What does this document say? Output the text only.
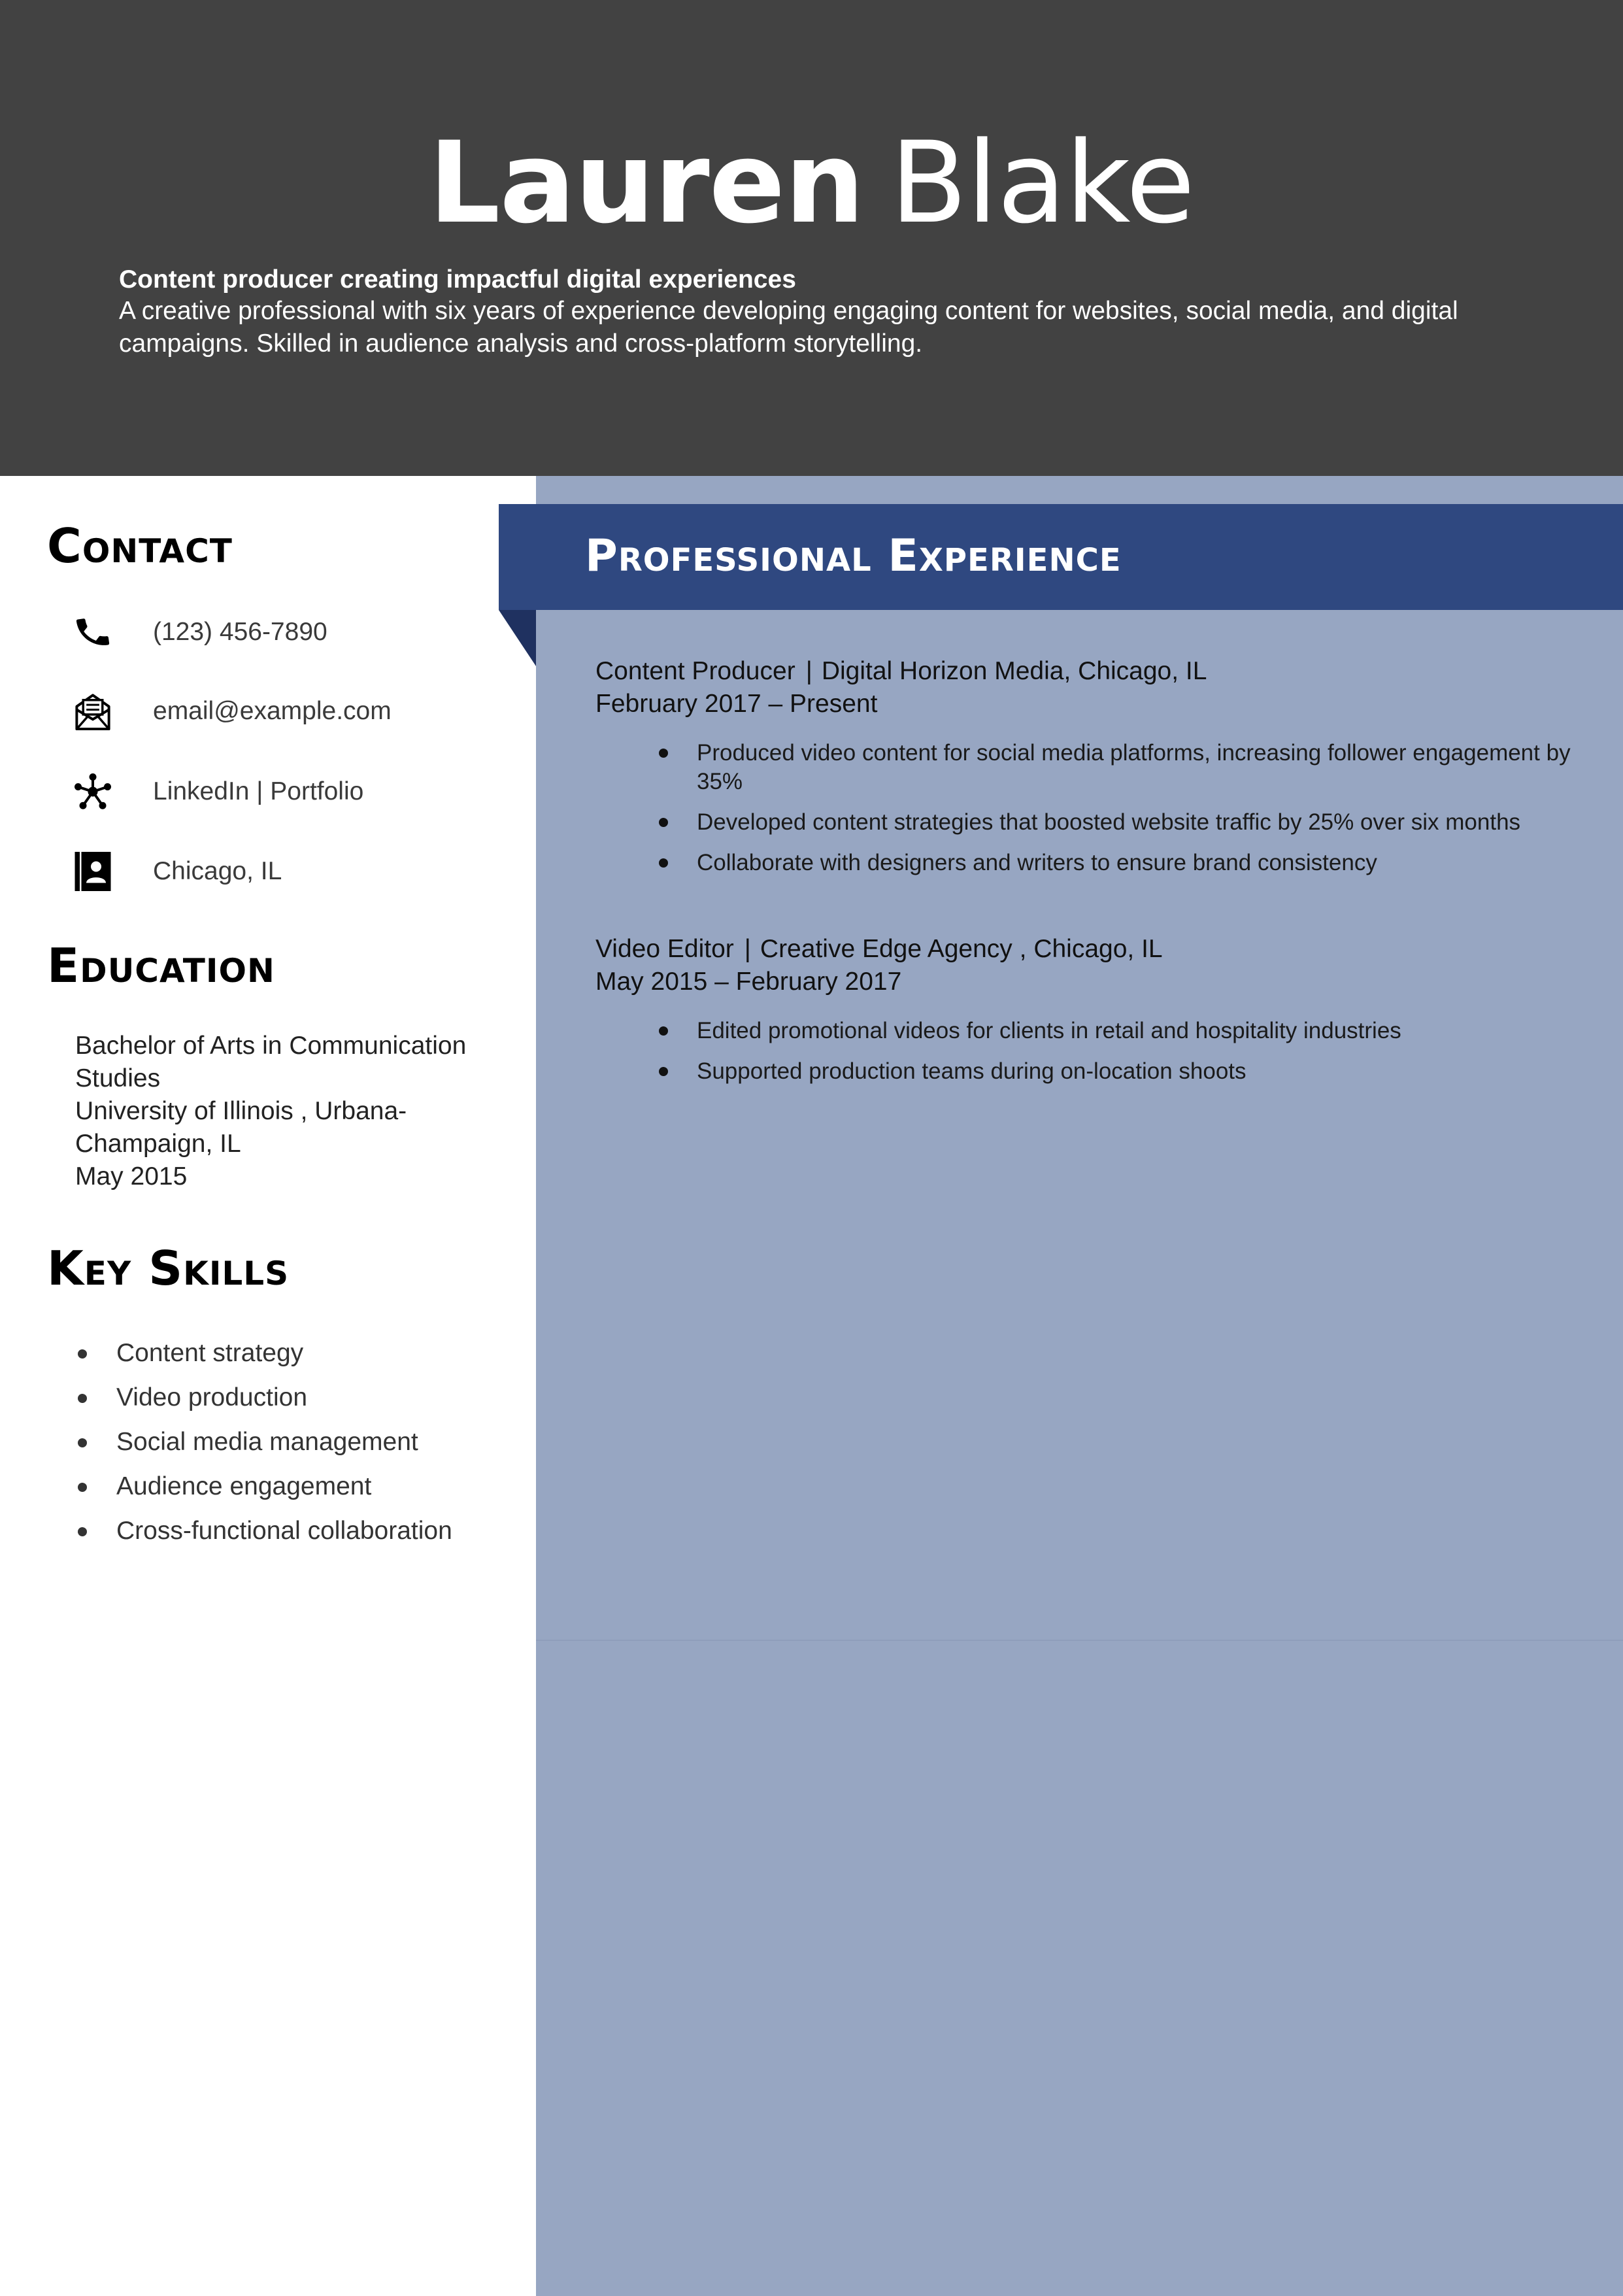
Lauren Blake
Content producer creating impactful digital experiences
A creative professional with six years of experience developing engaging content for websites, social media, and digital campaigns. Skilled in audience analysis and cross-platform storytelling.
Contact
(123) 456-7890
email@example.com
LinkedIn | Portfolio
Chicago, IL
Education
Bachelor of Arts in Communication Studies
University of Illinois , Urbana-Champaign, IL
May 2015
Key Skills
Content strategy
Video production
Social media management
Audience engagement
Cross-functional collaboration
Professional Experience
Content Producer | Digital Horizon Media, Chicago, IL
February 2017 – Present
Produced video content for social media platforms, increasing follower engagement by 35%
Developed content strategies that boosted website traffic by 25% over six months
Collaborate with designers and writers to ensure brand consistency
Video Editor | Creative Edge Agency , Chicago, IL
May 2015 – February 2017
Edited promotional videos for clients in retail and hospitality industries
Supported production teams during on-location shoots
